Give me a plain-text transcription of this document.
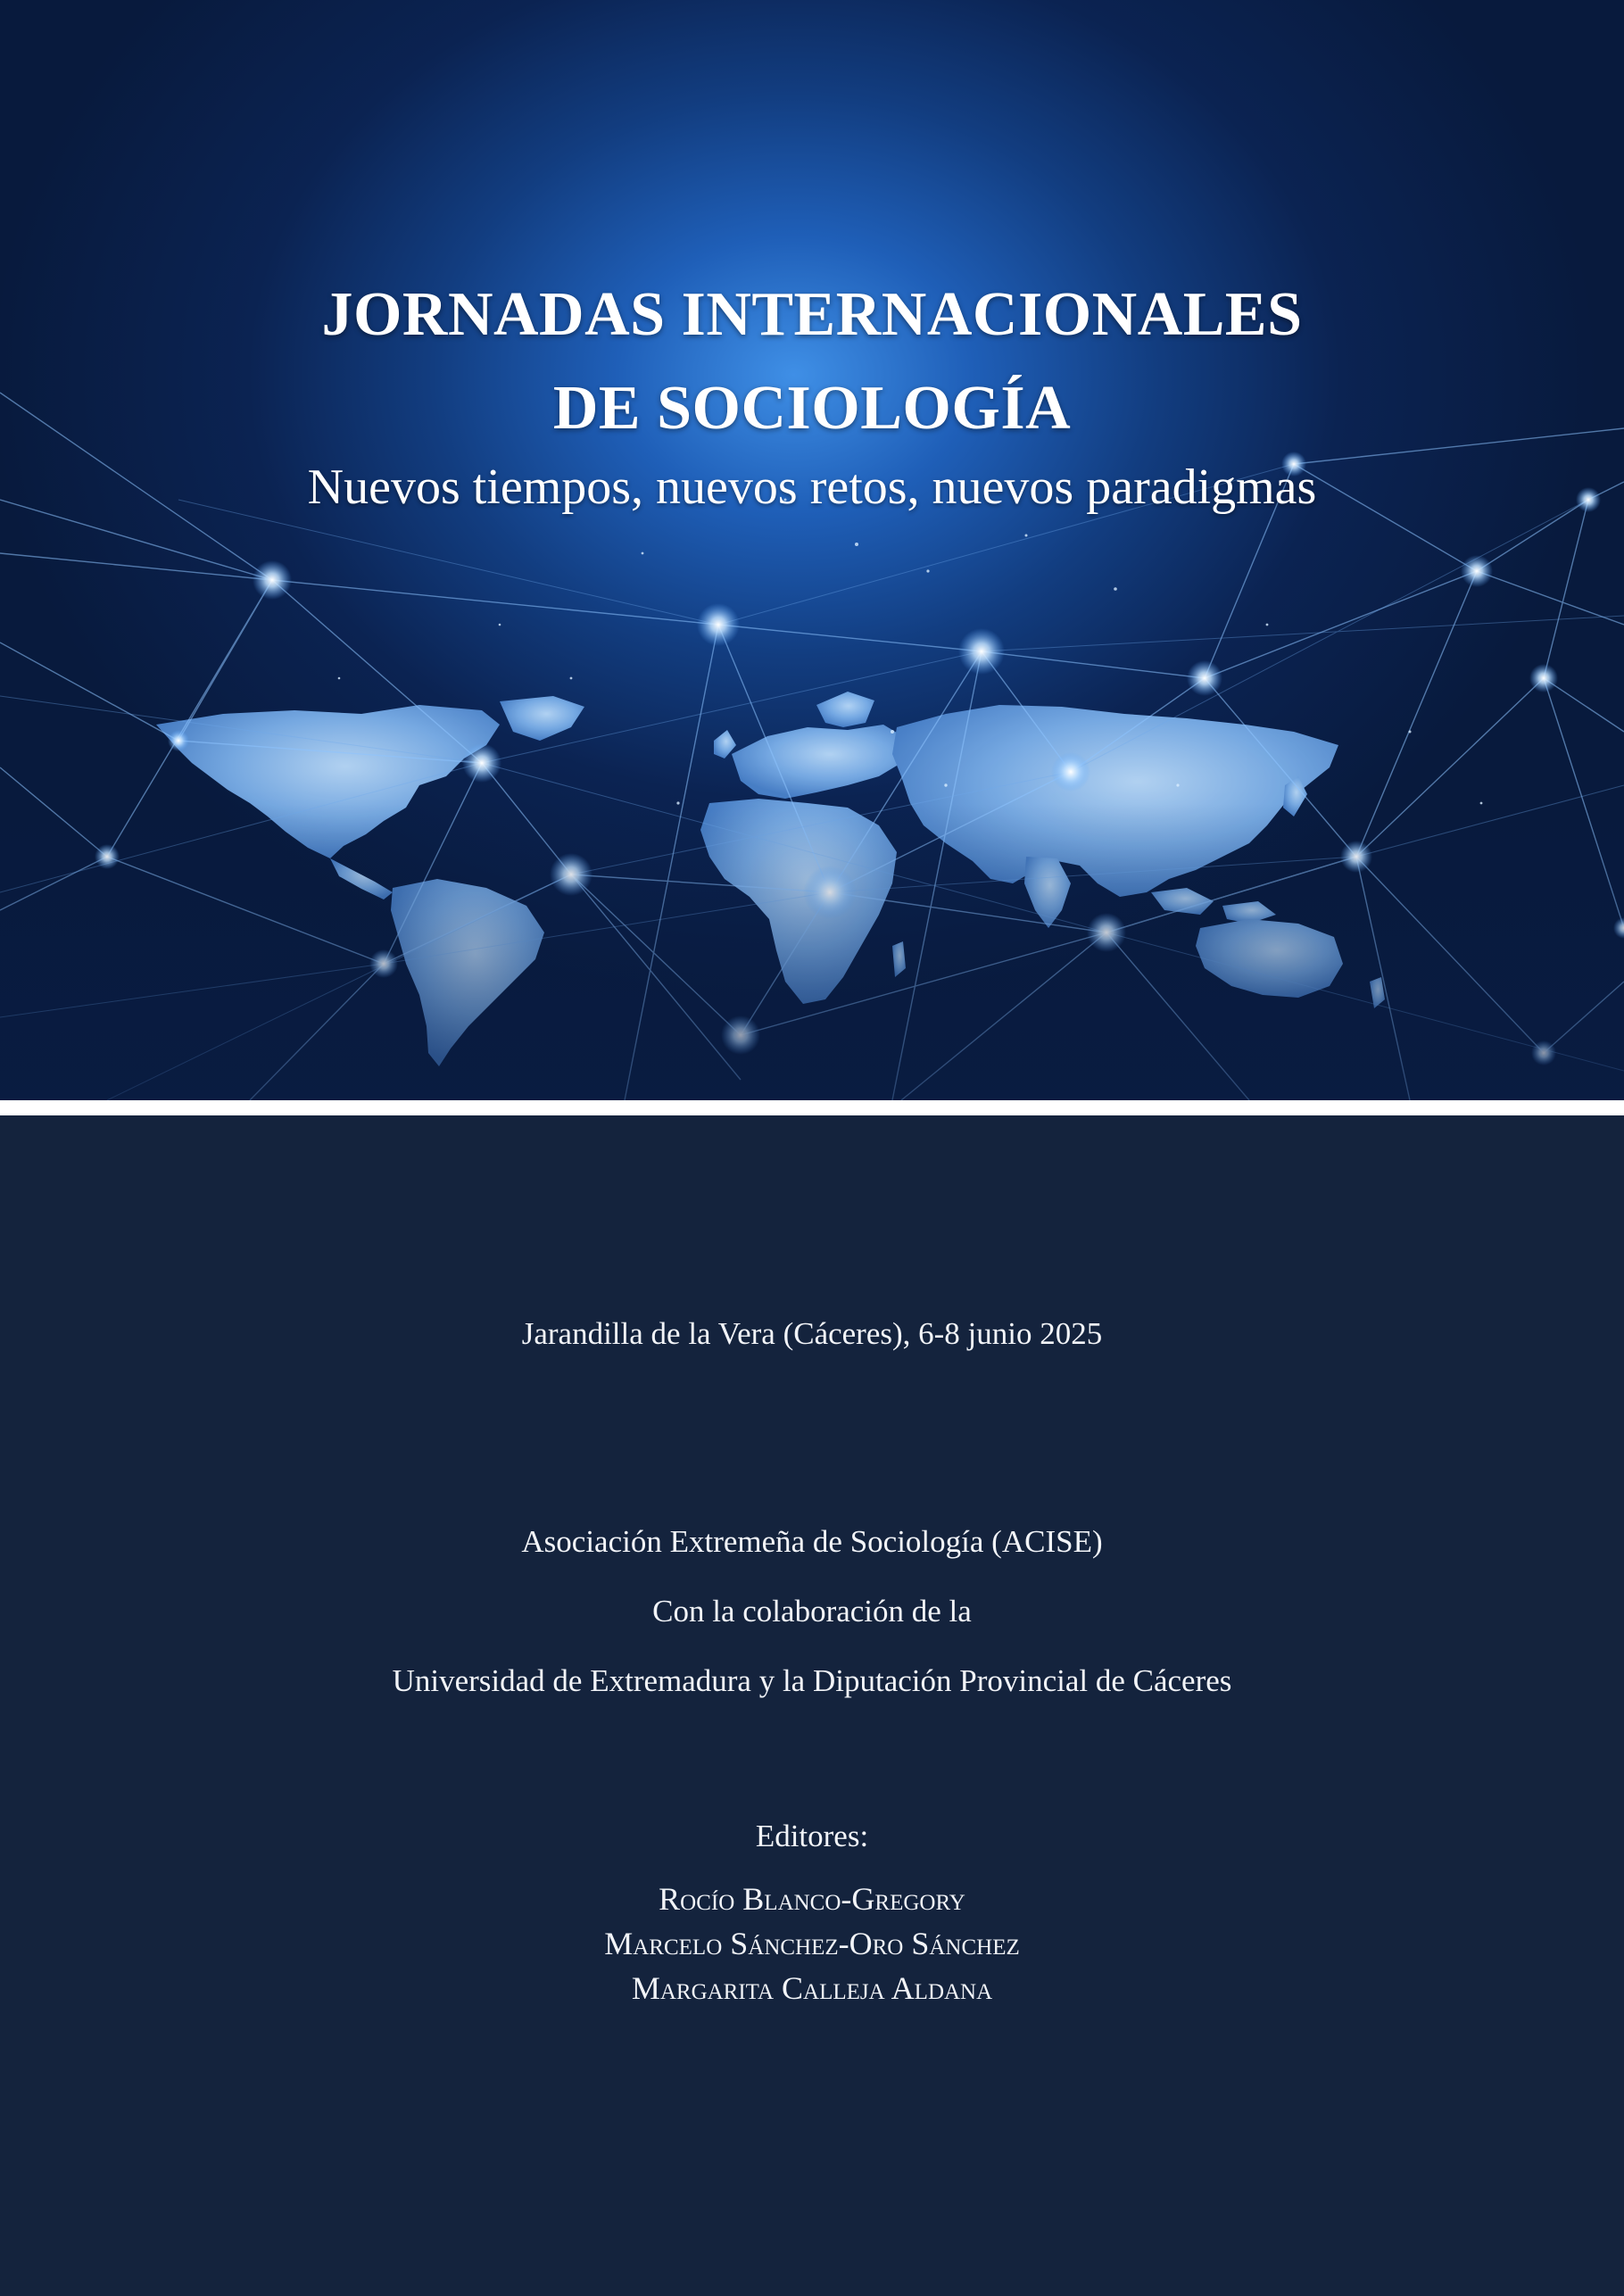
JORNADAS INTERNACIONALES
DE SOCIOLOGÍA
Nuevos tiempos, nuevos retos, nuevos paradigmas
Jarandilla de la Vera (Cáceres), 6-8 junio 2025
Asociación Extremeña de Sociología (ACISE)
Con la colaboración de la
Universidad de Extremadura y la Diputación Provincial de Cáceres
Editores:
Rocío Blanco-Gregory
Marcelo Sánchez-Oro Sánchez
Margarita Calleja Aldana
